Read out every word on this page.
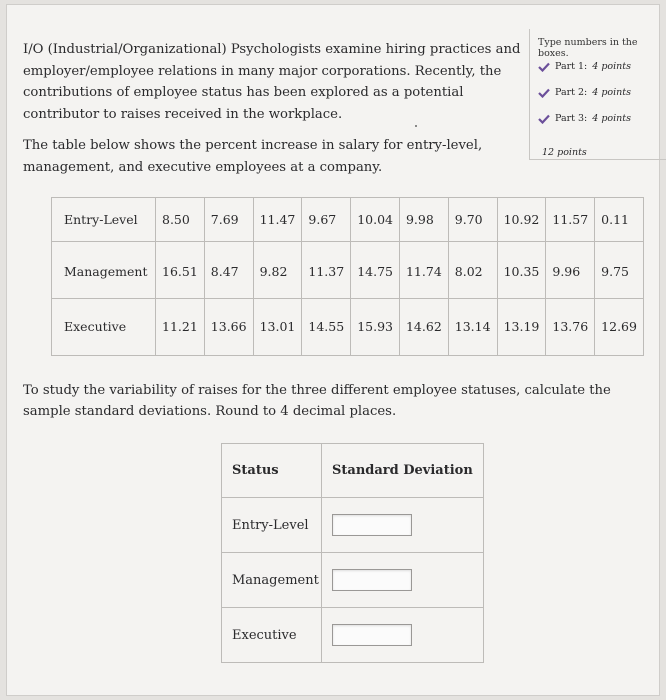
I/O (Industrial/Organizational) Psychologists examine hiring practices and employer/employee relations in many major corporations. Recently, the contributions of employee status has been explored as a potential contributor to raises received in the workplace.
The table below shows the percent increase in salary for entry-level, management, and executive employees at a company.
Type numbers in the boxes.
Part 1: 4 points
Part 2: 4 points
Part 3: 4 points
12 points
Entry-Level	8.50	7.69	11.47	9.67	10.04	9.98	9.70	10.92	11.57	0.11
Management	16.51	8.47	9.82	11.37	14.75	11.74	8.02	10.35	9.96	9.75
Executive	11.21	13.66	13.01	14.55	15.93	14.62	13.14	13.19	13.76	12.69
To study the variability of raises for the three different employee statuses, calculate the sample standard deviations. Round to 4 decimal places.
Status	Standard Deviation
Entry-Level	

Management	

Executive	
